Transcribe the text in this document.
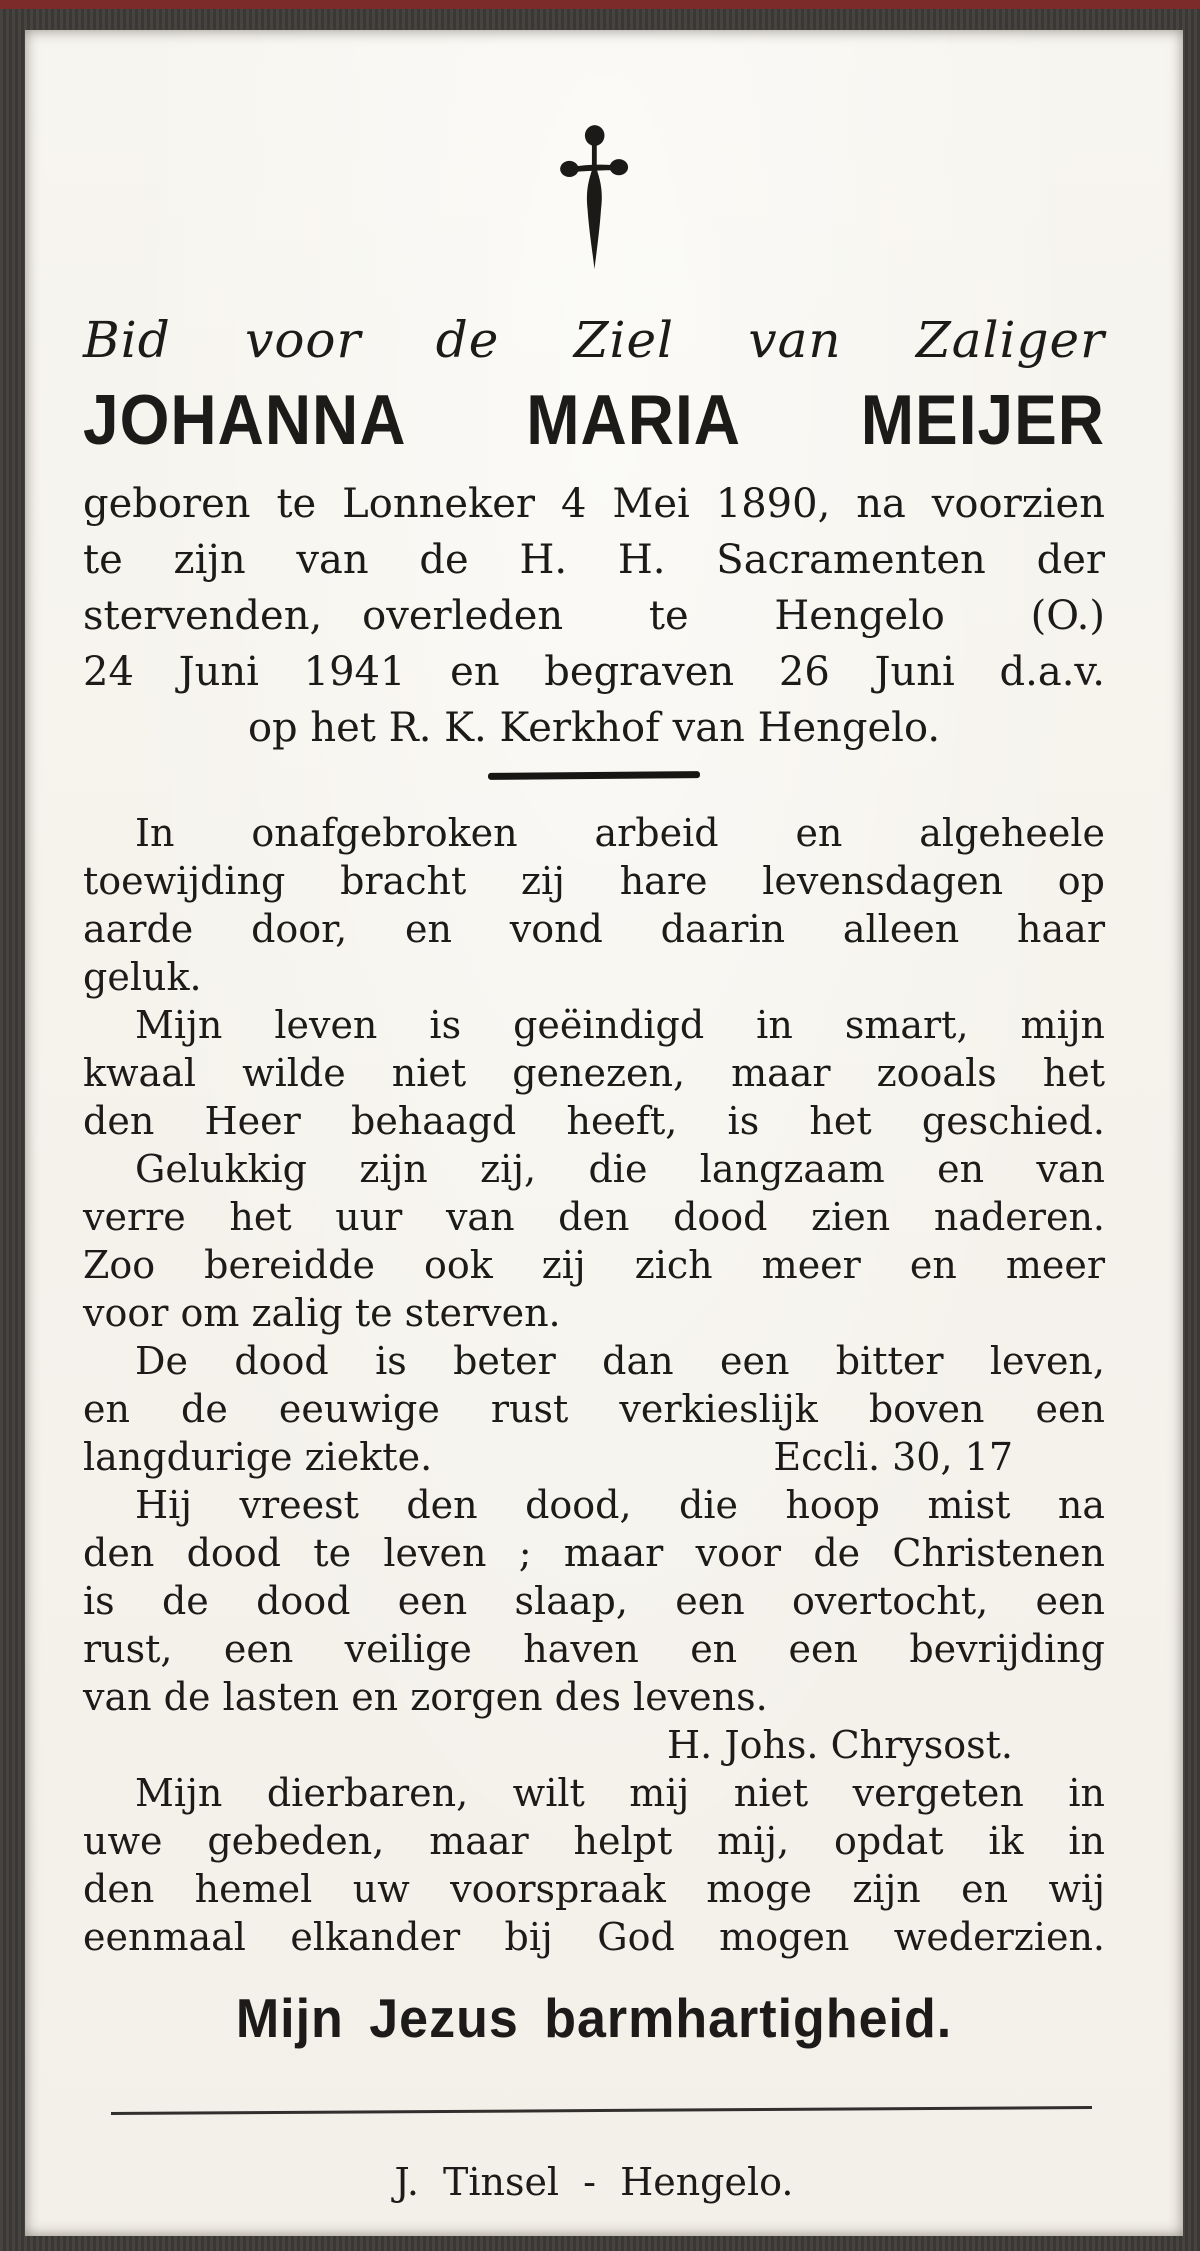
Bid voor de Ziel van Zaliger
JOHANNA MARIA MEIJER
geboren te Lonneker 4 Mei 1890, na voorzien
te zijn van de H. H. Sacramenten der
stervenden, overleden te Hengelo (O.)
24 Juni 1941 en begraven 26 Juni d.a.v.
op het R. K. Kerkhof van Hengelo.
In onafgebroken arbeid en algeheele
toewijding bracht zij hare levensdagen op
aarde door, en vond daarin alleen haar
geluk.
Mijn leven is geëindigd in smart, mijn
kwaal wilde niet genezen, maar zooals het
den Heer behaagd heeft, is het geschied.
Gelukkig zijn zij, die langzaam en van
verre het uur van den dood zien naderen.
Zoo bereidde ook zij zich meer en meer
voor om zalig te sterven.
De dood is beter dan een bitter leven,
en de eeuwige rust verkieslijk boven een
langdurige ziekte.	Eccli. 30, 17
Hij vreest den dood, die hoop mist na
den dood te leven ; maar voor de Christenen
is de dood een slaap, een overtocht, een
rust, een veilige haven en een bevrijding
van de lasten en zorgen des levens.
H. Johs. Chrysost.
Mijn dierbaren, wilt mij niet vergeten in
uwe gebeden, maar helpt mij, opdat ik in
den hemel uw voorspraak moge zijn en wij
eenmaal elkander bij God mogen wederzien.
Mijn Jezus barmhartigheid.
J. Tinsel - Hengelo.
